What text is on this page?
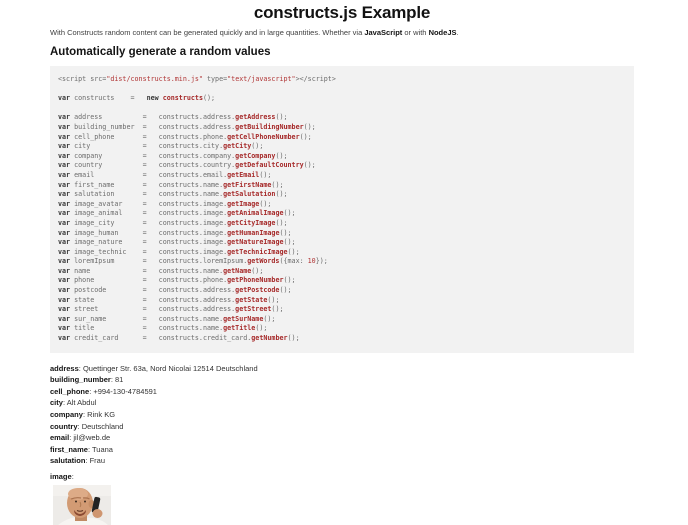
constructs.js Example

With Constructs random content can be generated quickly and in large quantities. Whether via JavaScript or with NodeJS.

Automatically generate a random values
<script src="dist/constructs.min.js" type="text/javascript"></script>

var constructs    =   new constructs();

var address          =   constructs.address.getAddress();
var building_number  =   constructs.address.getBuildingNumber();
var cell_phone       =   constructs.phone.getCellPhoneNumber();
var city             =   constructs.city.getCity();
var company          =   constructs.company.getCompany();
var country          =   constructs.country.getDefaultCountry();
var email            =   constructs.email.getEmail();
var first_name       =   constructs.name.getFirstName();
var salutation       =   constructs.name.getSalutation();
var image_avatar     =   constructs.image.getImage();
var image_animal     =   constructs.image.getAnimalImage();
var image_city       =   constructs.image.getCityImage();
var image_human      =   constructs.image.getHumanImage();
var image_nature     =   constructs.image.getNatureImage();
var image_technic    =   constructs.image.getTechnicImage();
var loremIpsum       =   constructs.loremIpsum.getWords({max: 10});
var name             =   constructs.name.getName();
var phone            =   constructs.phone.getPhoneNumber();
var postcode         =   constructs.address.getPostcode();
var state            =   constructs.address.getState();
var street           =   constructs.address.getStreet();
var sur_name         =   constructs.name.getSurName();
var title            =   constructs.name.getTitle();
var credit_card      =   constructs.credit_card.getNumber();
address: Quettinger Str. 63a, Nord Nicolai 12514 Deutschland
building_number: 81
cell_phone: +994-130-4784591
city: Alt Abdul
company: Rink KG
country: Deutschland
email: jil@web.de
first_name: Tuana
salutation: Frau
image:
